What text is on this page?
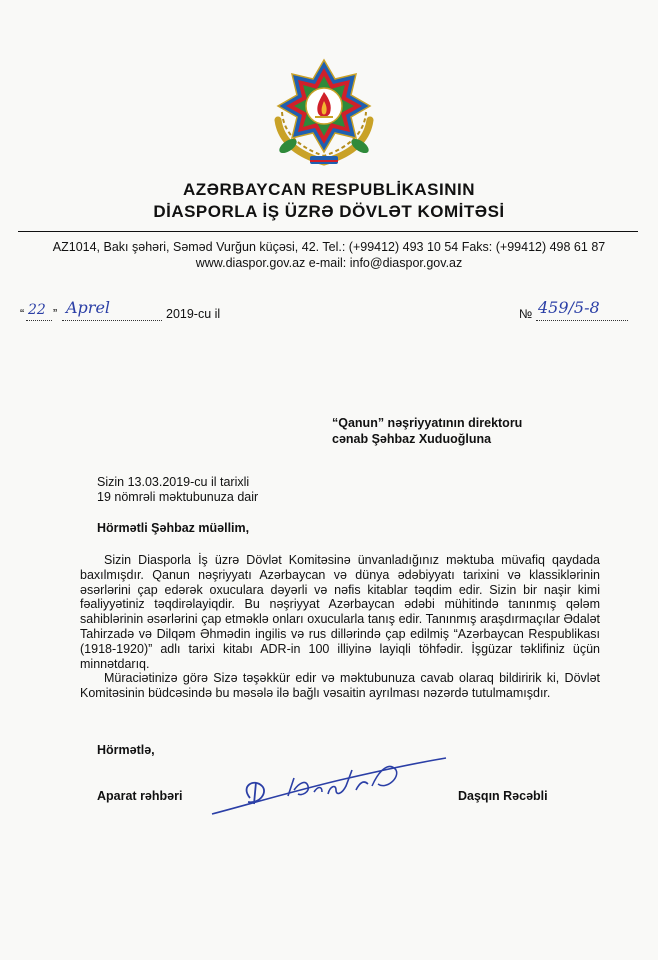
AZƏRBAYCAN RESPUBLİKASININ
DİASPORLA İŞ ÜZRƏ DÖVLƏT KOMİTƏSİ
AZ1014, Bakı şəhəri, Səməd Vurğun küçəsi, 42. Tel.: (+99412) 493 10 54 Faks: (+99412) 498 61 87
www.diaspor.gov.az e-mail: info@diaspor.gov.az
“ 22 ” Aprel	2019-cu il	№ 459/5-8
“Qanun” nəşriyyatının direktoru
cənab Şəhbaz Xuduoğluna
Sizin 13.03.2019-cu il tarixli
19 nömrəli məktubunuza dair
Hörmətli Şəhbaz müəllim,

Sizin Diasporla İş üzrə Dövlət Komitəsinə ünvanladığınız məktuba müvafiq qaydada baxılmışdır. Qanun nəşriyyatı Azərbaycan və dünya ədəbiyyatı tarixini və klassiklərinin əsərlərini çap edərək oxuculara dəyərli və nəfis kitablar təqdim edir. Sizin bir naşir kimi fəaliyyətiniz təqdirəlayiqdir. Bu nəşriyyat Azərbaycan ədəbi mühitində tanınmış qələm sahiblərinin əsərlərini çap etməklə onları oxucularla tanış edir. Tanınmış araşdırmaçılar Ədalət Tahirzadə və Dilqəm Əhmədin ingilis və rus dillərində çap edilmiş “Azərbaycan Respublikası (1918-1920)” adlı tarixi kitabı ADR-in 100 illiyinə layiqli töhfədir. İşgüzar təklifiniz üçün minnətdarıq.

Müraciətinizə görə Sizə təşəkkür edir və məktubunuza cavab olaraq bildiririk ki, Dövlət Komitəsinin büdcəsində bu məsələ ilə bağlı vəsaitin ayrılması nəzərdə tutulmamışdır.

Hörmətlə,
Aparat rəhbəri	Daşqın Rəcəbli
